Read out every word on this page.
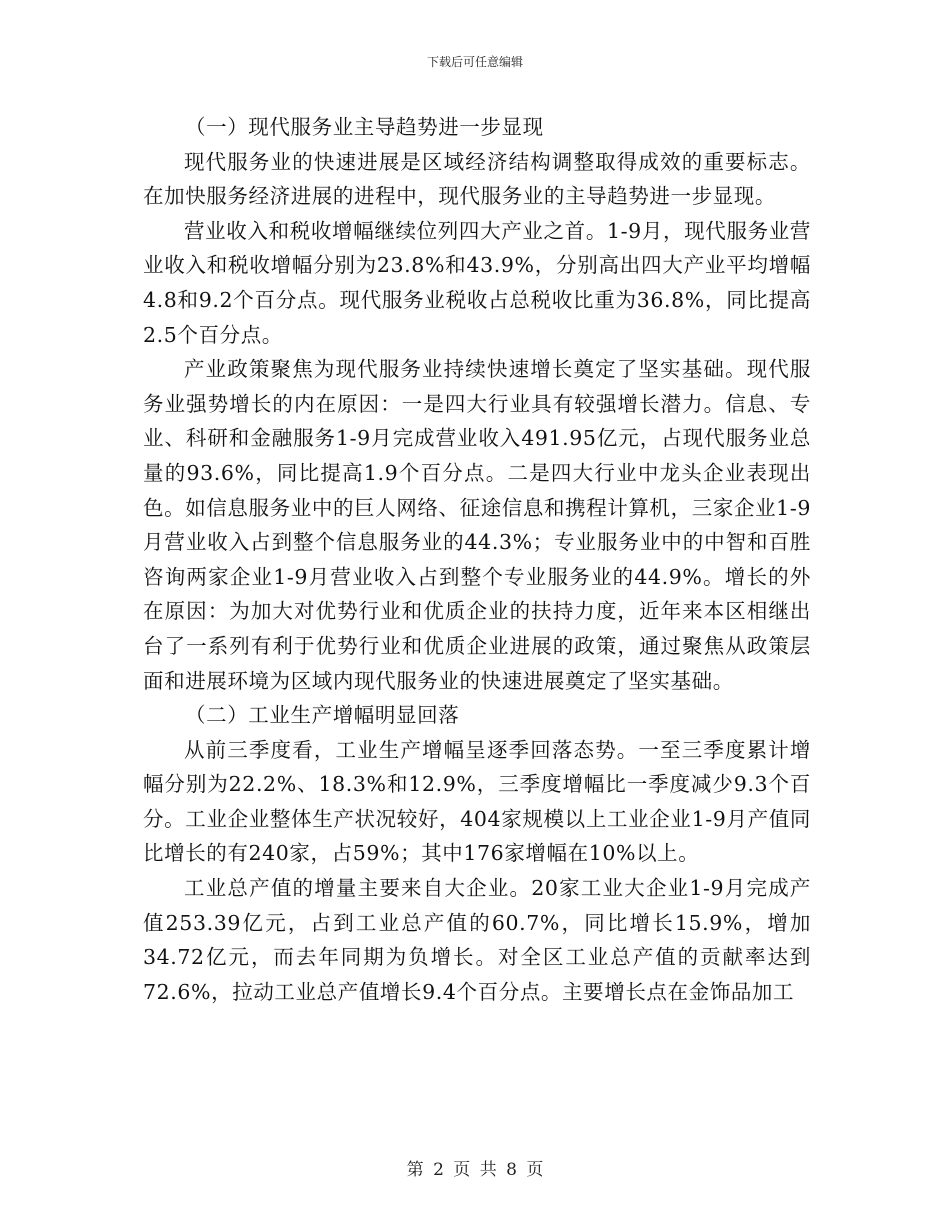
下载后可任意编辑

（一）现代服务业主导趋势进一步显现

现代服务业的快速进展是区域经济结构调整取得成效的重要标志。在加快服务经济进展的进程中，现代服务业的主导趋势进一步显现。

营业收入和税收增幅继续位列四大产业之首。1-9月，现代服务业营业收入和税收增幅分别为23.8%和43.9%，分别高出四大产业平均增幅4.8和9.2个百分点。现代服务业税收占总税收比重为36.8%，同比提高2.5个百分点。

产业政策聚焦为现代服务业持续快速增长奠定了坚实基础。现代服务业强势增长的内在原因：一是四大行业具有较强增长潜力。信息、专业、科研和金融服务1-9月完成营业收入491.95亿元，占现代服务业总量的93.6%，同比提高1.9个百分点。二是四大行业中龙头企业表现出色。如信息服务业中的巨人网络、征途信息和携程计算机，三家企业1-9月营业收入占到整个信息服务业的44.3%；专业服务业中的中智和百胜咨询两家企业1-9月营业收入占到整个专业服务业的44.9%。增长的外在原因：为加大对优势行业和优质企业的扶持力度，近年来本区相继出台了一系列有利于优势行业和优质企业进展的政策，通过聚焦从政策层面和进展环境为区域内现代服务业的快速进展奠定了坚实基础。

（二）工业生产增幅明显回落

从前三季度看，工业生产增幅呈逐季回落态势。一至三季度累计增幅分别为22.2%、18.3%和12.9%，三季度增幅比一季度减少9.3个百分。工业企业整体生产状况较好，404家规模以上工业企业1-9月产值同比增长的有240家，占59%；其中176家增幅在10%以上。

工业总产值的增量主要来自大企业。20家工业大企业1-9月完成产值253.39亿元，占到工业总产值的60.7%，同比增长15.9%，增加34.72亿元，而去年同期为负增长。对全区工业总产值的贡献率达到72.6%，拉动工业总产值增长9.4个百分点。主要增长点在金饰品加工

第 2 页 共 8 页
